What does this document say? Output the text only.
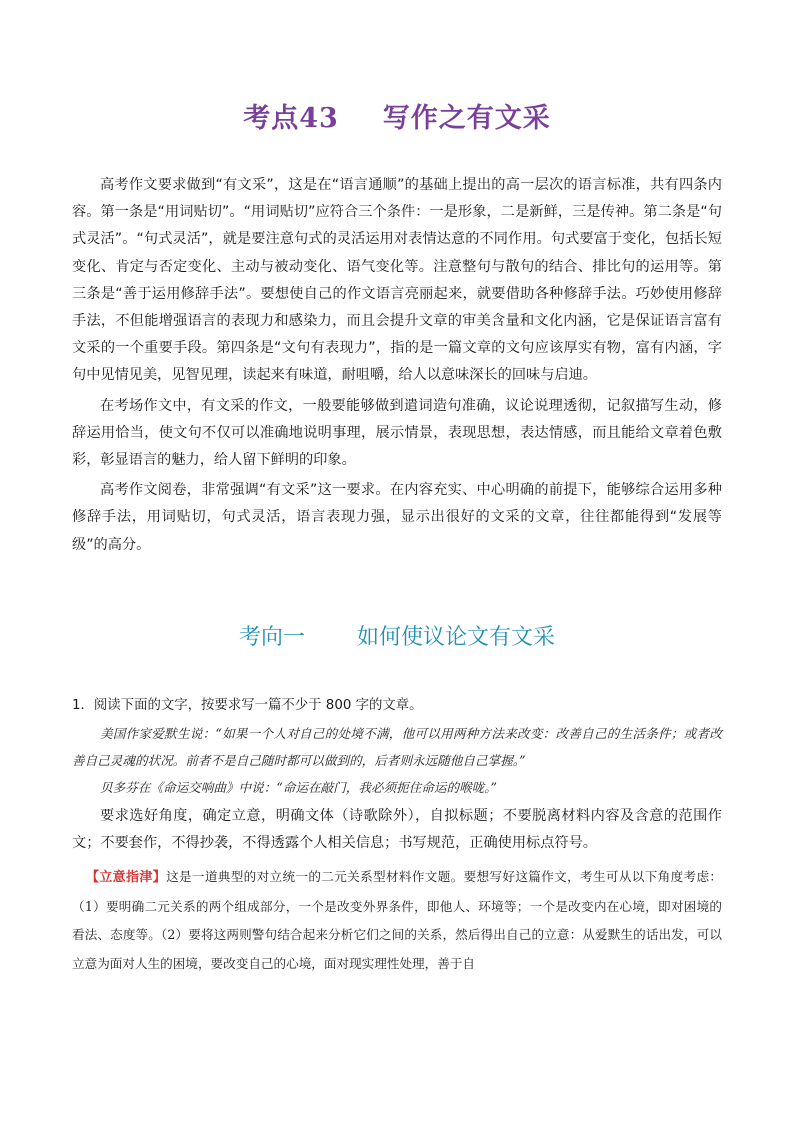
考点43 写作之有文采

高考作文要求做到“有文采”，这是在“语言通顺”的基础上提出的高一层次的语言标准，共有四条内容。第一条是“用词贴切”。“用词贴切”应符合三个条件：一是形象，二是新鲜，三是传神。第二条是“句式灵活”。“句式灵活”，就是要注意句式的灵活运用对表情达意的不同作用。句式要富于变化，包括长短变化、肯定与否定变化、主动与被动变化、语气变化等。注意整句与散句的结合、排比句的运用等。第三条是“善于运用修辞手法”。要想使自己的作文语言亮丽起来，就要借助各种修辞手法。巧妙使用修辞手法，不但能增强语言的表现力和感染力，而且会提升文章的审美含量和文化内涵，它是保证语言富有文采的一个重要手段。第四条是“文句有表现力”，指的是一篇文章的文句应该厚实有物，富有内涵，字句中见情见美，见智见理，读起来有味道，耐咀嚼，给人以意味深长的回味与启迪。

在考场作文中，有文采的作文，一般要能够做到遣词造句准确，议论说理透彻，记叙描写生动，修辞运用恰当，使文句不仅可以准确地说明事理，展示情景，表现思想，表达情感，而且能给文章着色敷彩，彰显语言的魅力，给人留下鲜明的印象。

高考作文阅卷，非常强调“有文采”这一要求。在内容充实、中心明确的前提下，能够综合运用多种修辞手法，用词贴切，句式灵活，语言表现力强，显示出很好的文采的文章，往往都能得到“发展等级”的高分。

考向一 如何使议论文有文采

1．阅读下面的文字，按要求写一篇不少于 800 字的文章。

美国作家爱默生说：“如果一个人对自己的处境不满，他可以用两种方法来改变：改善自己的生活条件；或者改善自己灵魂的状况。前者不是自己随时都可以做到的，后者则永远随他自己掌握。”

贝多芬在《命运交响曲》中说：“命运在敲门，我必须扼住命运的喉咙。”

要求选好角度，确定立意，明确文体（诗歌除外），自拟标题；不要脱离材料内容及含意的范围作文；不要套作，不得抄袭，不得透露个人相关信息；书写规范，正确使用标点符号。

【立意指津】这是一道典型的对立统一的二元关系型材料作文题。要想写好这篇作文，考生可从以下角度考虑：（1）要明确二元关系的两个组成部分，一个是改变外界条件，即他人、环境等；一个是改变内在心境，即对困境的看法、态度等。（2）要将这两则警句结合起来分析它们之间的关系，然后得出自己的立意：从爱默生的话出发，可以立意为面对人生的困境，要改变自己的心境，面对现实理性处理，善于自
